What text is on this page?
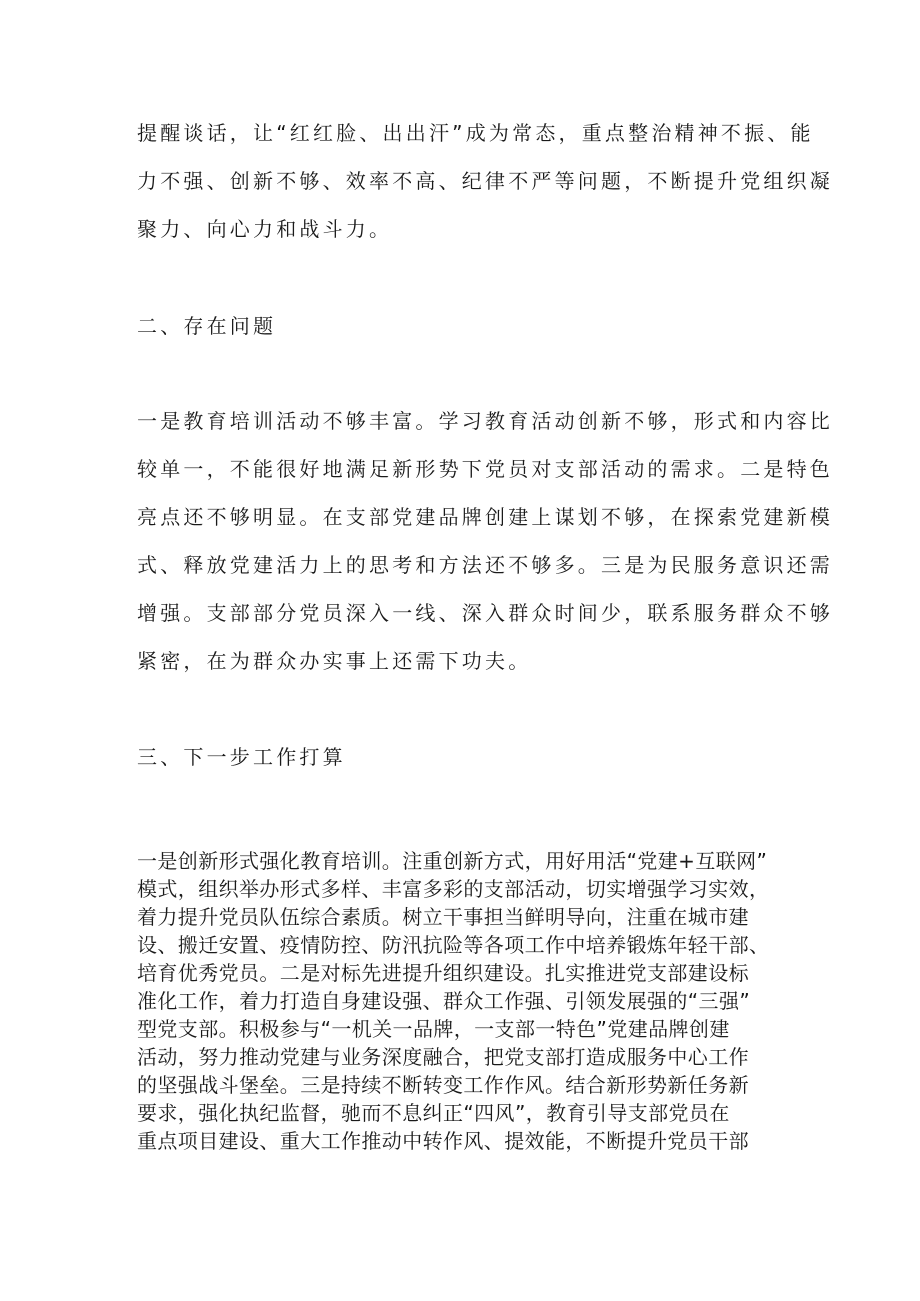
提醒谈话，让“红红脸、出出汗”成为常态，重点整治精神不振、能
力不强、创新不够、效率不高、纪律不严等问题，不断提升党组织凝
聚力、向心力和战斗力。
二、存在问题
一是教育培训活动不够丰富。学习教育活动创新不够，形式和内容比
较单一，不能很好地满足新形势下党员对支部活动的需求。二是特色
亮点还不够明显。在支部党建品牌创建上谋划不够，在探索党建新模
式、释放党建活力上的思考和方法还不够多。三是为民服务意识还需
增强。支部部分党员深入一线、深入群众时间少，联系服务群众不够
紧密，在为群众办实事上还需下功夫。
三、下一步工作打算
一是创新形式强化教育培训。注重创新方式，用好用活“党建+互联网”
模式，组织举办形式多样、丰富多彩的支部活动，切实增强学习实效，
着力提升党员队伍综合素质。树立干事担当鲜明导向，注重在城市建
设、搬迁安置、疫情防控、防汛抗险等各项工作中培养锻炼年轻干部、
培育优秀党员。二是对标先进提升组织建设。扎实推进党支部建设标
准化工作，着力打造自身建设强、群众工作强、引领发展强的“三强”
型党支部。积极参与“一机关一品牌，一支部一特色”党建品牌创建
活动，努力推动党建与业务深度融合，把党支部打造成服务中心工作
的坚强战斗堡垒。三是持续不断转变工作作风。结合新形势新任务新
要求，强化执纪监督，驰而不息纠正“四风”，教育引导支部党员在
重点项目建设、重大工作推动中转作风、提效能，不断提升党员干部
